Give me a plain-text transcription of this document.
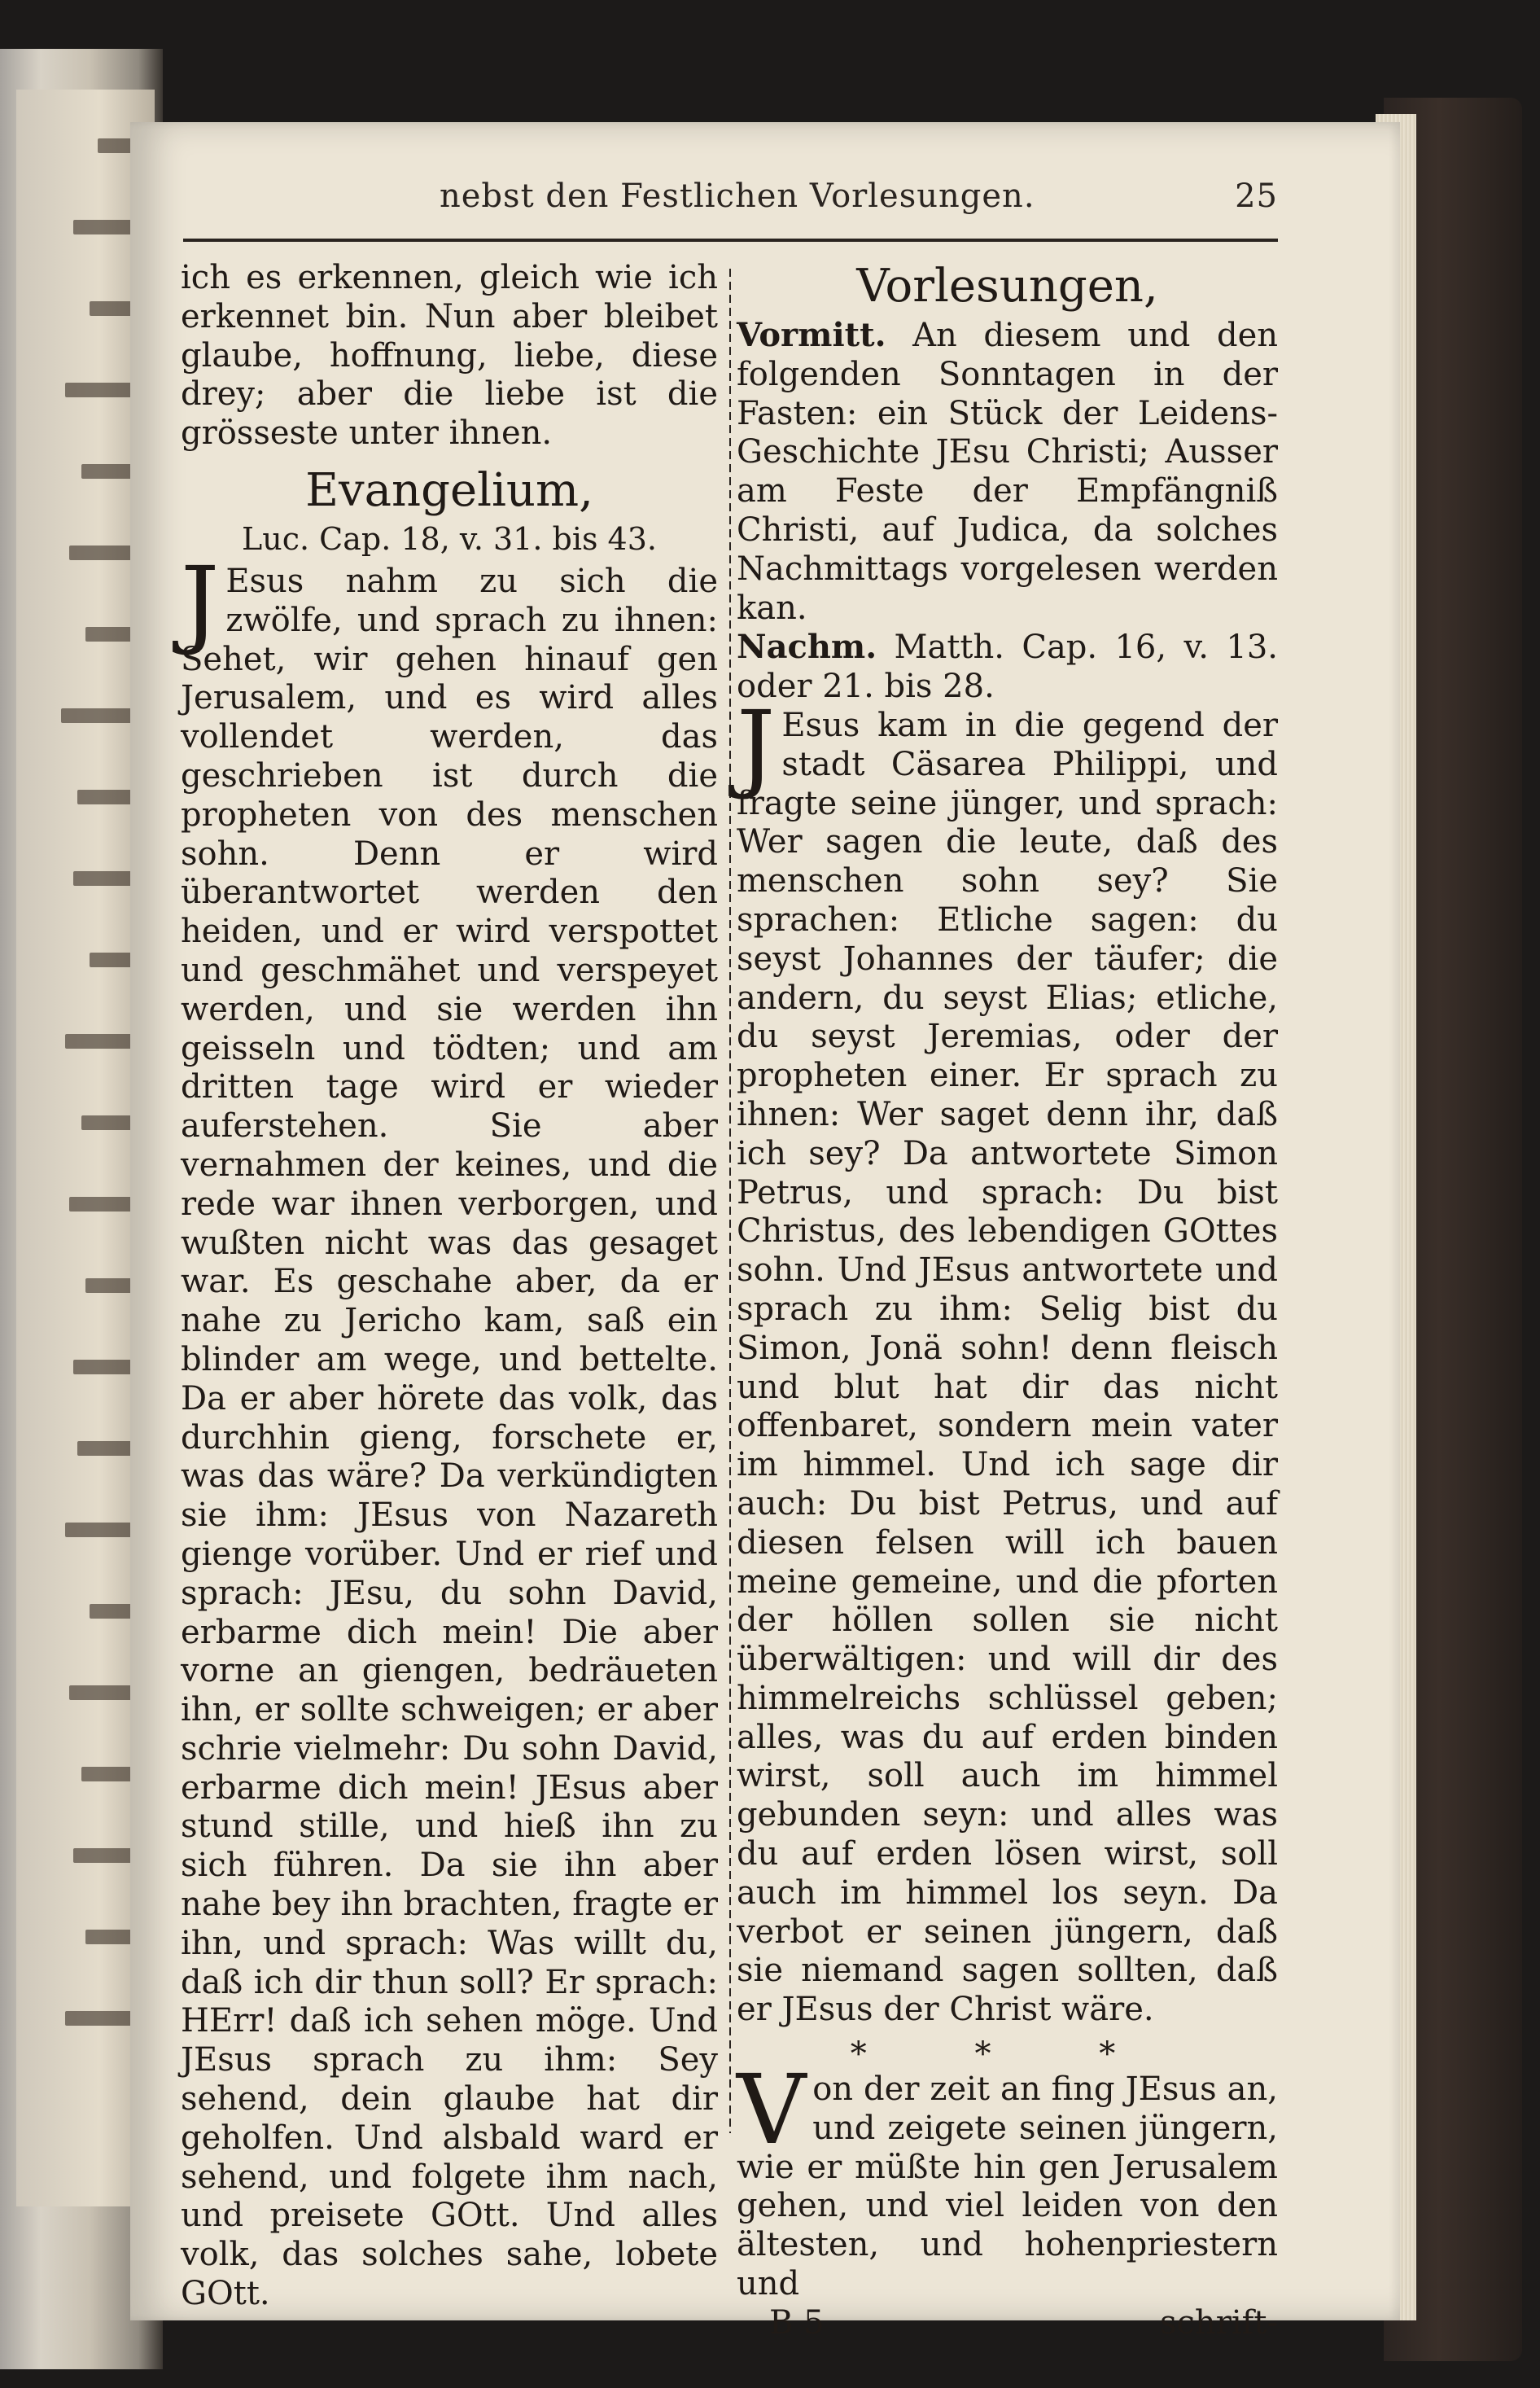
nebst den Festlichen Vorlesungen.	25

ich es erkennen, gleich wie ich erkennet bin. Nun aber bleibet glaube, hoffnung, liebe, diese drey; aber die liebe ist die grösseste unter ihnen.

Evangelium,
Luc. Cap. 18, v. 31. bis 43.

JEsus nahm zu sich die zwölfe, und sprach zu ihnen: Sehet, wir gehen hinauf gen Jerusalem, und es wird alles vollendet werden, das geschrieben ist durch die propheten von des menschen sohn. Denn er wird überantwortet werden den heiden, und er wird verspottet und geschmähet und verspeyet werden, und sie werden ihn geisseln und tödten; und am dritten tage wird er wieder auferstehen. Sie aber vernahmen der keines, und die rede war ihnen verborgen, und wußten nicht was das gesaget war. Es geschahe aber, da er nahe zu Jericho kam, saß ein blinder am wege, und bettelte. Da er aber hörete das volk, das durchhin gieng, forschete er, was das wäre? Da verkündigten sie ihm: JEsus von Nazareth gienge vorüber. Und er rief und sprach: JEsu, du sohn David, erbarme dich mein! Die aber vorne an giengen, bedräueten ihn, er sollte schweigen; er aber schrie vielmehr: Du sohn David, erbarme dich mein! JEsus aber stund stille, und hieß ihn zu sich führen. Da sie ihn aber nahe bey ihn brachten, fragte er ihn, und sprach: Was willt du, daß ich dir thun soll? Er sprach: HErr! daß ich sehen möge. Und JEsus sprach zu ihm: Sey sehend, dein glaube hat dir geholfen. Und alsbald ward er sehend, und folgete ihm nach, und preisete GOtt. Und alles volk, das solches sahe, lobete GOtt.

Vorlesungen,

Vormitt. An diesem und den folgenden Sonntagen in der Fasten: ein Stück der Leidens-Geschichte JEsu Christi; Ausser am Feste der Empfängniß Christi, auf Judica, da solches Nachmittags vorgelesen werden kan.

Nachm. Matth. Cap. 16, v. 13. oder 21. bis 28.

JEsus kam in die gegend der stadt Cäsarea Philippi, und fragte seine jünger, und sprach: Wer sagen die leute, daß des menschen sohn sey? Sie sprachen: Etliche sagen: du seyst Johannes der täufer; die andern, du seyst Elias; etliche, du seyst Jeremias, oder der propheten einer. Er sprach zu ihnen: Wer saget denn ihr, daß ich sey? Da antwortete Simon Petrus, und sprach: Du bist Christus, des lebendigen GOttes sohn. Und JEsus antwortete und sprach zu ihm: Selig bist du Simon, Jonä sohn! denn fleisch und blut hat dir das nicht offenbaret, sondern mein vater im himmel. Und ich sage dir auch: Du bist Petrus, und auf diesen felsen will ich bauen meine gemeine, und die pforten der höllen sollen sie nicht überwältigen: und will dir des himmelreichs schlüssel geben; alles, was du auf erden binden wirst, soll auch im himmel gebunden seyn: und alles was du auf erden lösen wirst, soll auch im himmel los seyn. Da verbot er seinen jüngern, daß sie niemand sagen sollten, daß er JEsus der Christ wäre.

* * *

Von der zeit an fing JEsus an, und zeigete seinen jüngern, wie er müßte hin gen Jerusalem gehen, und viel leiden von den ältesten, und hohenpriestern und

B 5	schrift-
